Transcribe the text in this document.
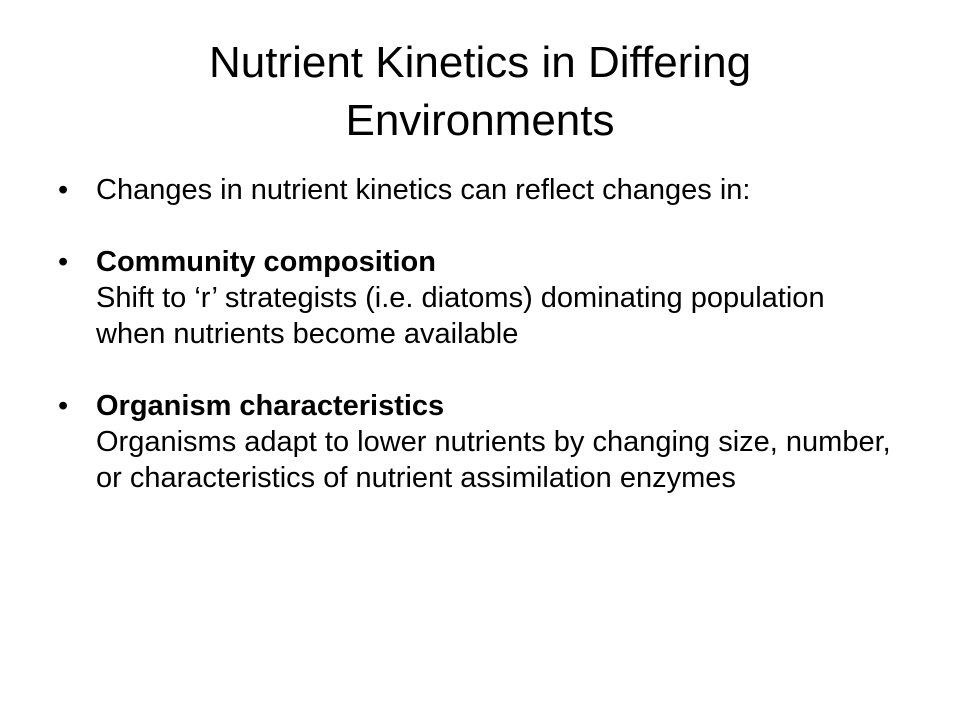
Nutrient Kinetics in Differing Environments
• Changes in nutrient kinetics can reflect changes in:
• Community composition
Shift to ‘r’ strategists (i.e. diatoms) dominating population when nutrients become available
• Organism characteristics
Organisms adapt to lower nutrients by changing size, number, or characteristics of nutrient assimilation enzymes
